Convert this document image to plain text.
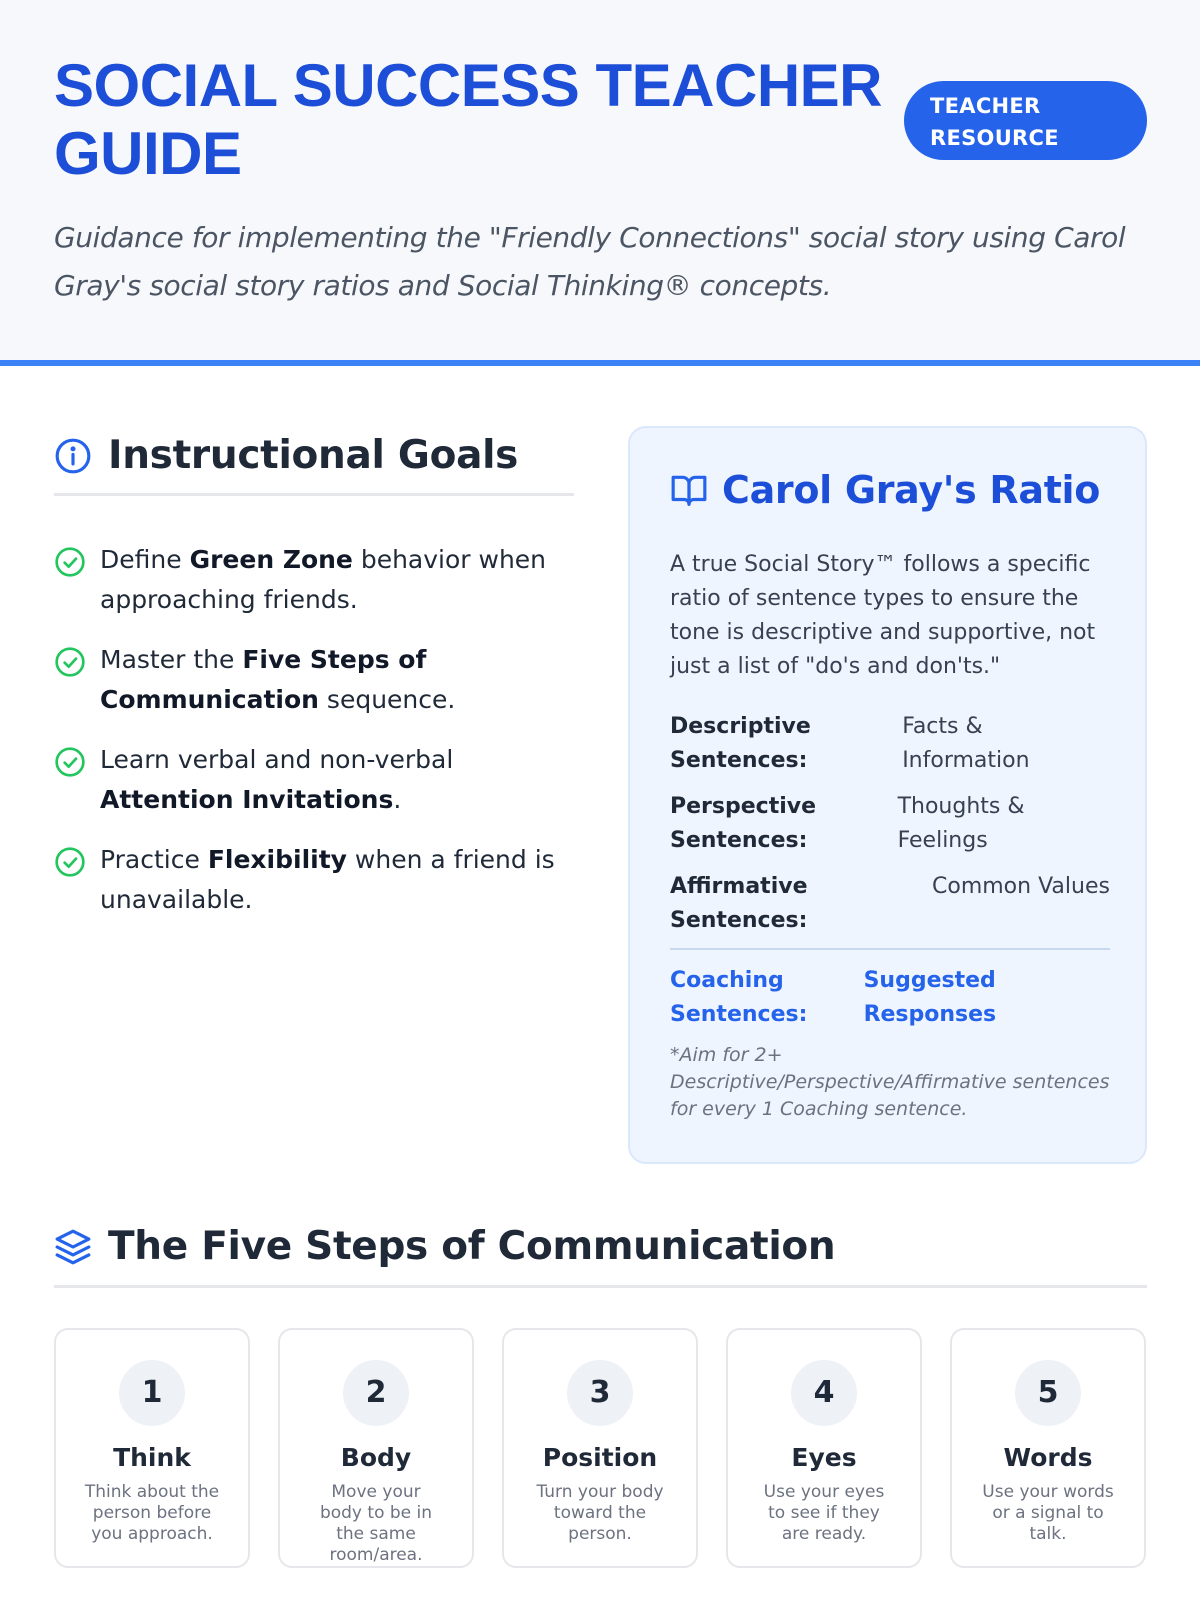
SOCIAL SUCCESS TEACHER GUIDE
TEACHER RESOURCE

Guidance for implementing the "Friendly Connections" social story using Carol Gray's social story ratios and Social Thinking® concepts.

Instructional Goals
Define Green Zone behavior when approaching friends.
Master the Five Steps of Communication sequence.
Learn verbal and non-verbal Attention Invitations.
Practice Flexibility when a friend is unavailable.
Carol Gray's Ratio

A true Social Story™ follows a specific ratio of sentence types to ensure the tone is descriptive and supportive, not just a list of "do's and don'ts."

Descriptive Sentences:
Facts & Information
Perspective Sentences:
Thoughts & Feelings
Affirmative Sentences:
Common Values
Coaching Sentences:
Suggested Responses

*Aim for 2+ Descriptive/Perspective/Affirmative sentences for every 1 Coaching sentence.

The Five Steps of Communication
1
Think
Think about the person before you approach.
2
Body
Move your body to be in the same room/area.
3
Position
Turn your body toward the person.
4
Eyes
Use your eyes to see if they are ready.
5
Words
Use your words or a signal to talk.
